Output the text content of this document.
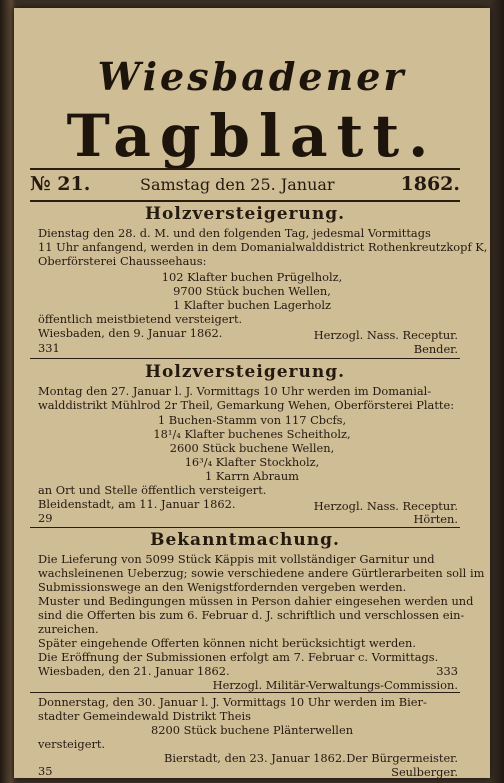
Wiesbadener
Tagblatt.
№ 21.	Samstag den 25. Januar	1862.
Holzversteigerung.
Dienstag den 28. d. M. und den folgenden Tag, jedesmal Vormittags
11 Uhr anfangend, werden in dem Domanialwalddistrict Rothenkreutzkopf K,
Oberförsterei Chausseehaus:
102 Klafter buchen Prügelholz,
9700 Stück buchen Wellen,
1 Klafter buchen Lagerholz
öffentlich meistbietend versteigert.
Wiesbaden, den 9. Januar 1862.	Herzogl. Nass. Receptur.
331	Bender.
Holzversteigerung.
Montag den 27. Januar l. J. Vormittags 10 Uhr werden im Domanial-
walddistrikt Mühlrod 2r Theil, Gemarkung Wehen, Oberförsterei Platte:
1 Buchen-Stamm von 117 Cbcfs,
18¹/₄ Klafter buchenes Scheitholz,
2600 Stück buchene Wellen,
16³/₄ Klafter Stockholz,
1 Karrn Abraum
an Ort und Stelle öffentlich versteigert.
Bleidenstadt, am 11. Januar 1862.	Herzogl. Nass. Receptur.
29	Hörten.
Bekanntmachung.
Die Lieferung von 5099 Stück Käppis mit vollständiger Garnitur und
wachsleinenen Ueberzug; sowie verschiedene andere Gürtlerarbeiten soll im
Submissionswege an den Wenigstfordernden vergeben werden.
Muster und Bedingungen müssen in Person dahier eingesehen werden und
sind die Offerten bis zum 6. Februar d. J. schriftlich und verschlossen ein-
zureichen.
Später eingehende Offerten können nicht berücksichtigt werden.
Die Eröffnung der Submissionen erfolgt am 7. Februar c. Vormittags.
Wiesbaden, den 21. Januar 1862.	333
Herzogl. Militär-Verwaltungs-Commission.
Donnerstag, den 30. Januar l. J. Vormittags 10 Uhr werden im Bier-
stadter Gemeindewald Distrikt Theis
8200 Stück buchene Plänterwellen
versteigert.
Bierstadt, den 23. Januar 1862. Der Bürgermeister.
35	Seulberger.
